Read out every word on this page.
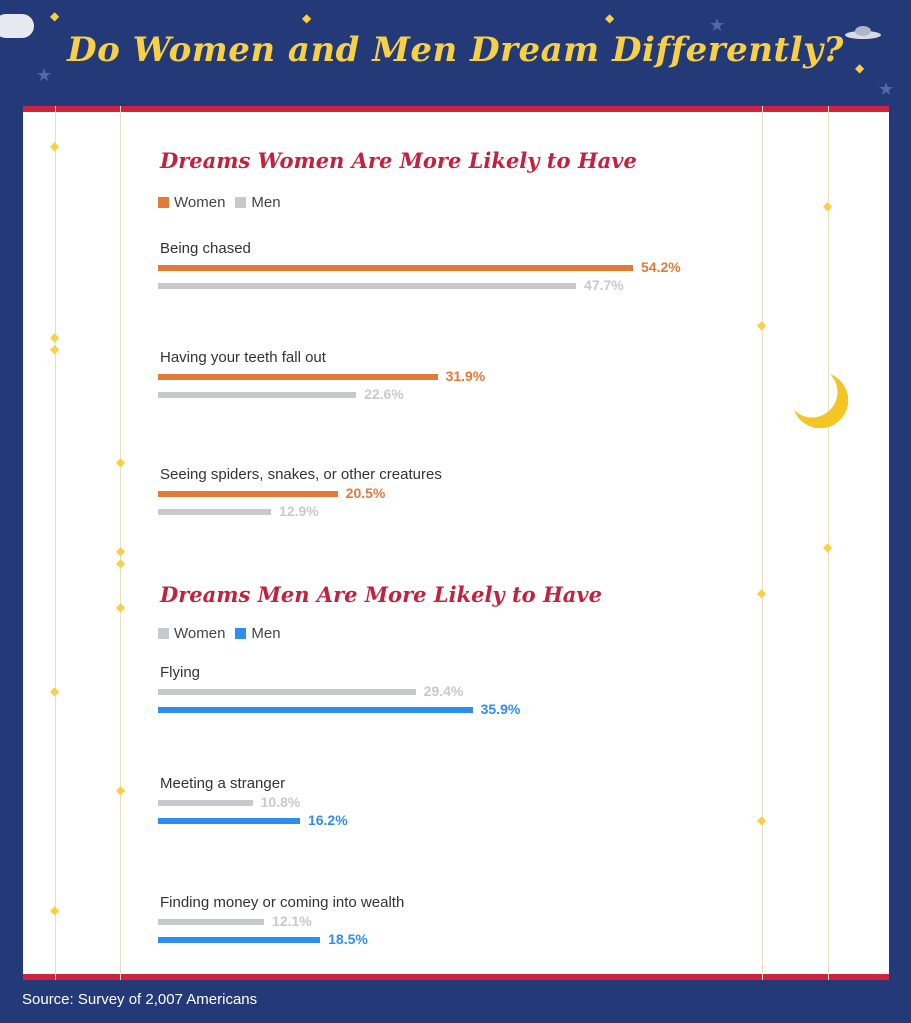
★
★
★
◆	◆	◆
◆
Do Women and Men Dream Differently?
◆
◆
◆
◆
◆
◆
◆
◆
◆
◆
◆
◆
◆
◆
◆
Dreams Women Are More Likely to Have
Women Men
Being chased
54.2%
47.7%
Having your teeth fall out
31.9%
22.6%
Seeing spiders, snakes, or other creatures
20.5%
12.9%
Dreams Men Are More Likely to Have
Women Men
Flying
29.4%
35.9%
Meeting a stranger
10.8%
16.2%
Finding money or coming into wealth
12.1%
18.5%
Source: Survey of 2,007 Americans
